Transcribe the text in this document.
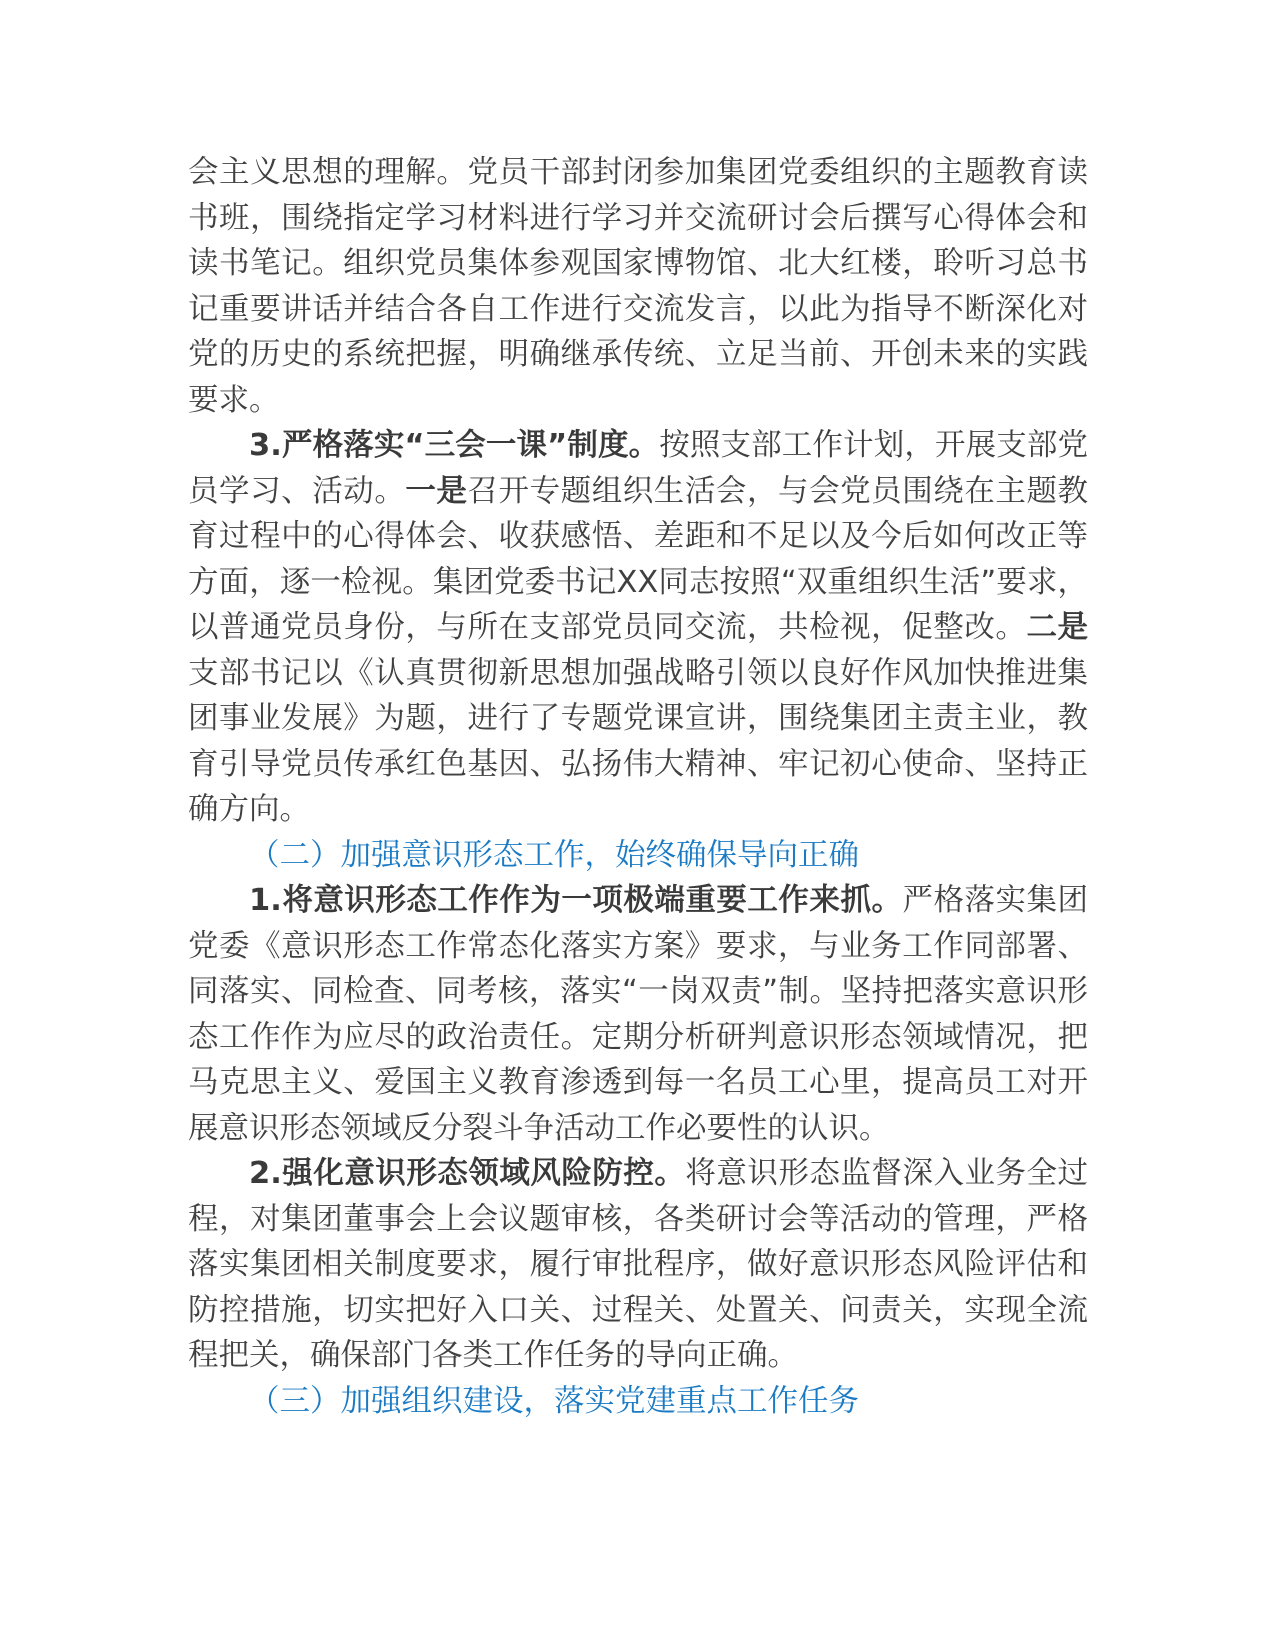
会主义思想的理解。党员干部封闭参加集团党委组织的主题教育读书班，围绕指定学习材料进行学习并交流研讨会后撰写心得体会和读书笔记。组织党员集体参观国家博物馆、北大红楼，聆听习总书记重要讲话并结合各自工作进行交流发言，以此为指导不断深化对党的历史的系统把握，明确继承传统、立足当前、开创未来的实践要求。

3.严格落实“三会一课”制度。按照支部工作计划，开展支部党员学习、活动。一是召开专题组织生活会，与会党员围绕在主题教育过程中的心得体会、收获感悟、差距和不足以及今后如何改正等方面，逐一检视。集团党委书记XX同志按照“双重组织生活”要求，以普通党员身份，与所在支部党员同交流，共检视，促整改。二是支部书记以《认真贯彻新思想加强战略引领以良好作风加快推进集团事业发展》为题，进行了专题党课宣讲，围绕集团主责主业，教育引导党员传承红色基因、弘扬伟大精神、牢记初心使命、坚持正确方向。

（二）加强意识形态工作，始终确保导向正确

1.将意识形态工作作为一项极端重要工作来抓。严格落实集团党委《意识形态工作常态化落实方案》要求，与业务工作同部署、同落实、同检查、同考核，落实“一岗双责”制。坚持把落实意识形态工作作为应尽的政治责任。定期分析研判意识形态领域情况，把马克思主义、爱国主义教育渗透到每一名员工心里，提高员工对开展意识形态领域反分裂斗争活动工作必要性的认识。

2.强化意识形态领域风险防控。将意识形态监督深入业务全过程，对集团董事会上会议题审核，各类研讨会等活动的管理，严格落实集团相关制度要求，履行审批程序，做好意识形态风险评估和防控措施，切实把好入口关、过程关、处置关、问责关，实现全流程把关，确保部门各类工作任务的导向正确。

（三）加强组织建设，落实党建重点工作任务
